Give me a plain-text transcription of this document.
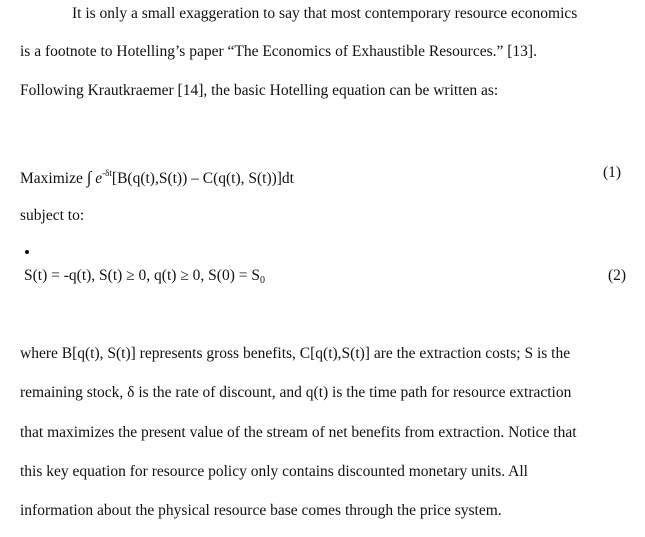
It is only a small exaggeration to say that most contemporary resource economics
is a footnote to Hotelling’s paper “The Economics of Exhaustible Resources.” [13].
Following Krautkraemer [14], the basic Hotelling equation can be written as:
Maximize ∫ $e^{-\delta t}[B(q(t),S(t)) - C(q(t)$, S(t))]dt	(1)
subject to:
S(t) = -q(t), S(t) ≥ 0, q(t) ≥ 0, $S(0) = S_0$	(2)
where B[q(t), S(t)] represents gross benefits, C[q(t),S(t)] are the extraction costs; S is the
remaining stock, δ is the rate of discount, and q(t) is the time path for resource extraction
that maximizes the present value of the stream of net benefits from extraction. Notice that
this key equation for resource policy only contains discounted monetary units. All
information about the physical resource base comes through the price system.
